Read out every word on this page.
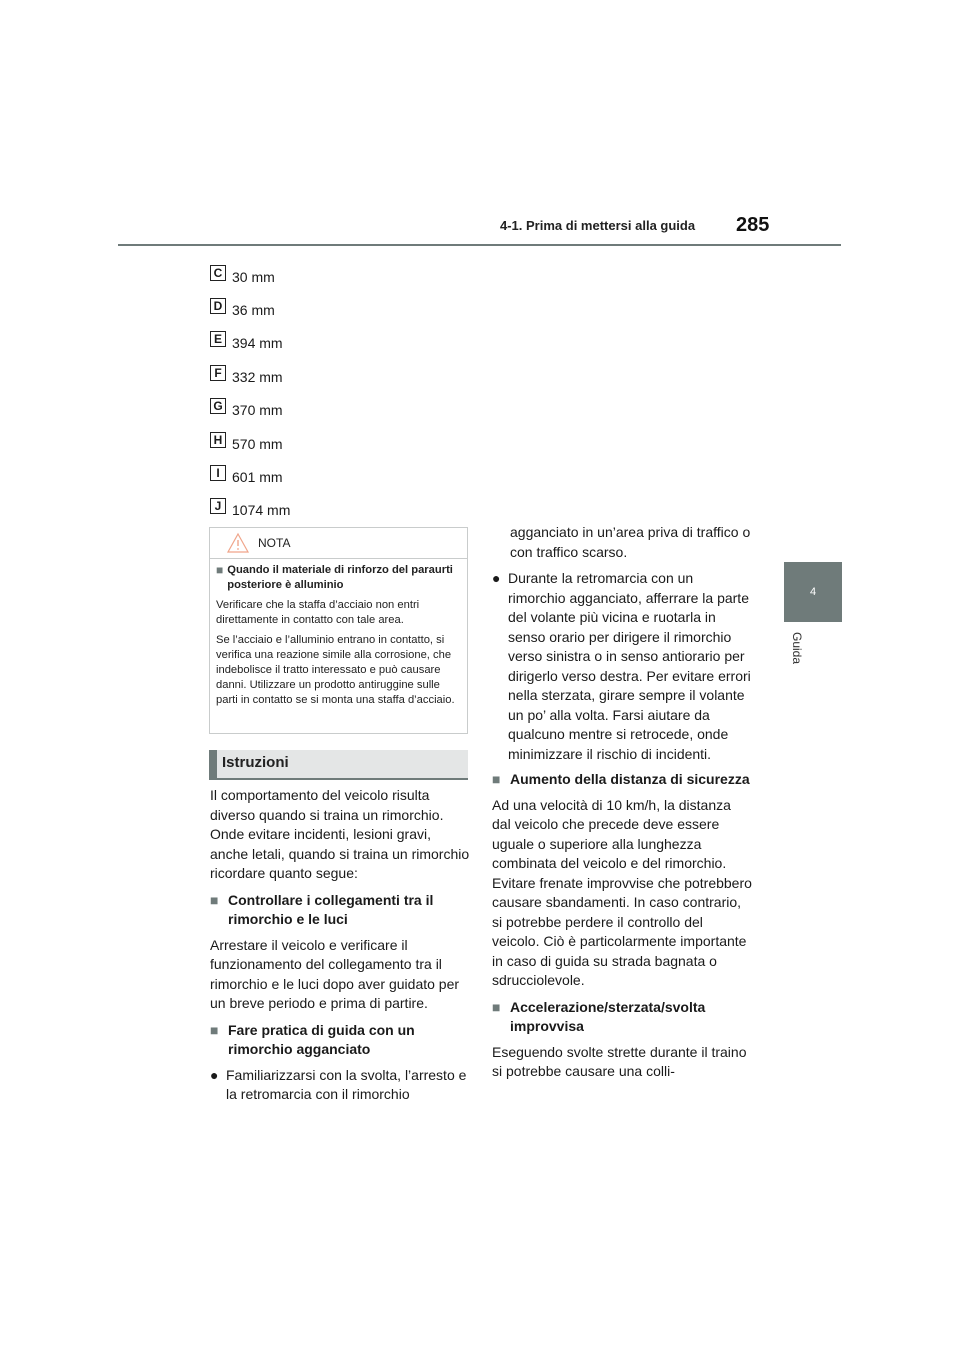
4-1. Prima di mettersi alla guida 285
4
Guida
C 30 mm
D 36 mm
E 394 mm
F 332 mm
G 370 mm
H 570 mm
I 601 mm
J 1074 mm
NOTA
■ Quando il materiale di rinforzo del paraurti posteriore è alluminio

Verificare che la staffa d’acciaio non entri direttamente in contatto con tale area.

Se l’acciaio e l’alluminio entrano in contatto, si verifica una reazione simile alla corrosione, che indebolisce il tratto interessato e può causare danni. Utilizzare un prodotto antiruggine sulle parti in contatto se si monta una staffa d’acciaio.

Istruzioni

Il comportamento del veicolo risulta diverso quando si traina un rimorchio. Onde evitare incidenti, lesioni gravi, anche letali, quando si traina un rimorchio ricordare quanto segue:

■ Controllare i collegamenti tra il rimorchio e le luci

Arrestare il veicolo e verificare il funzionamento del collegamento tra il rimorchio e le luci dopo aver guidato per un breve periodo e prima di partire.

■ Fare pratica di guida con un rimorchio agganciato
● Familiarizzarsi con la svolta, l’arresto e la retromarcia con il rimorchio

agganciato in un’area priva di traffico o con traffico scarso.

● Durante la retromarcia con un rimorchio agganciato, afferrare la parte del volante più vicina e ruotarla in senso orario per dirigere il rimorchio verso sinistra o in senso antiorario per dirigerlo verso destra. Per evitare errori nella sterzata, girare sempre il volante un po’ alla volta. Farsi aiutare da qualcuno mentre si retrocede, onde minimizzare il rischio di incidenti.
■ Aumento della distanza di sicurezza

Ad una velocità di 10 km/h, la distanza dal veicolo che precede deve essere uguale o superiore alla lunghezza combinata del veicolo e del rimorchio. Evitare frenate improvvise che potrebbero causare sbandamenti. In caso contrario, si potrebbe perdere il controllo del veicolo. Ciò è particolarmente importante in caso di guida su strada bagnata o sdrucciolevole.

■ Accelerazione/sterzata/svolta improvvisa

Eseguendo svolte strette durante il traino si potrebbe causare una colli-
